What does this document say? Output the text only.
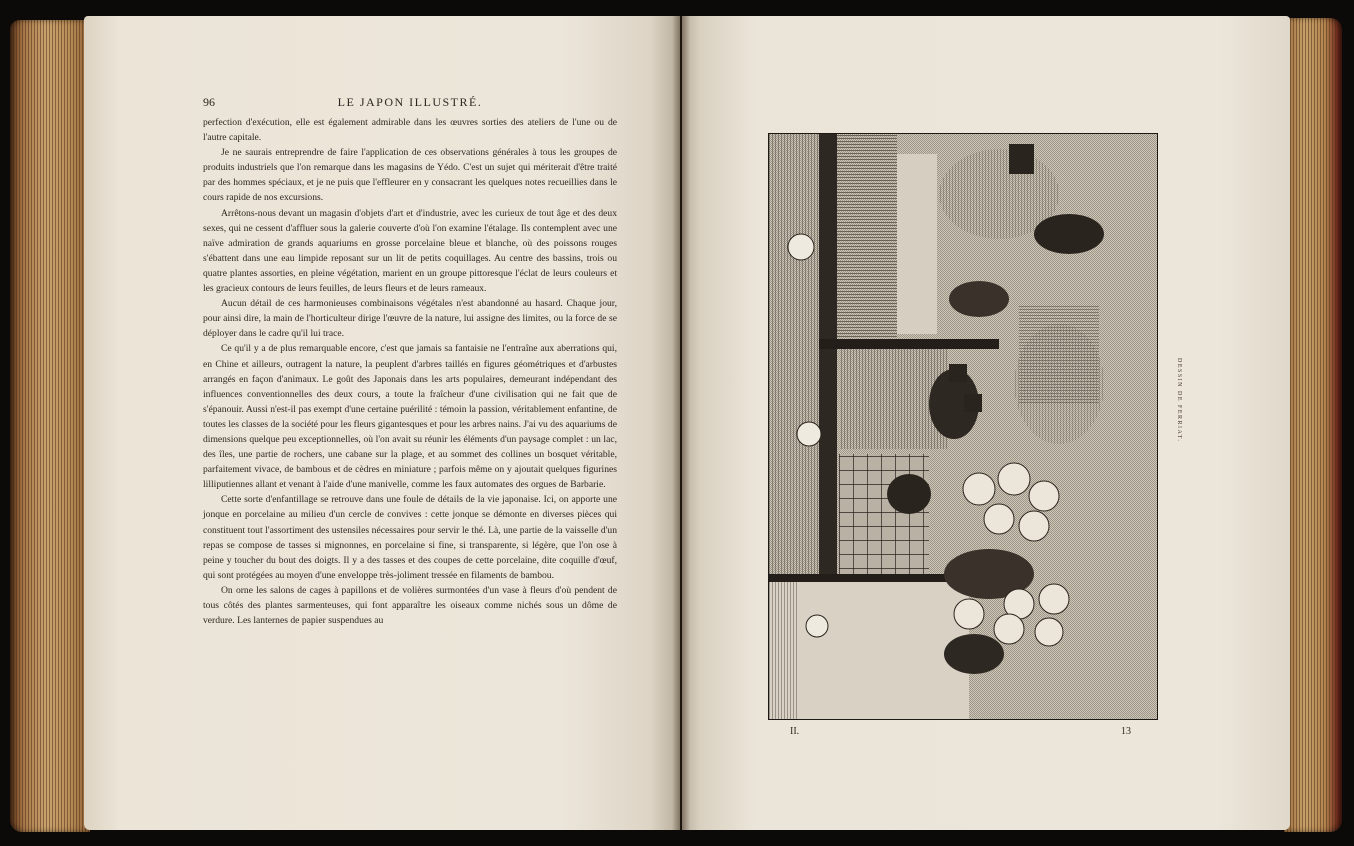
96	LE JAPON ILLUSTRÉ.

perfection d'exécution, elle est également admirable dans les œuvres sorties des ateliers de l'une ou de l'autre capitale.

Je ne saurais entreprendre de faire l'application de ces observations générales à tous les groupes de produits industriels que l'on remarque dans les magasins de Yédo. C'est un sujet qui mériterait d'être traité par des hommes spéciaux, et je ne puis que l'effleurer en y consacrant les quelques notes recueillies dans le cours rapide de nos excursions.

Arrêtons-nous devant un magasin d'objets d'art et d'industrie, avec les curieux de tout âge et des deux sexes, qui ne cessent d'affluer sous la galerie couverte d'où l'on examine l'étalage. Ils contemplent avec une naïve admiration de grands aquariums en grosse porcelaine bleue et blanche, où des poissons rouges s'ébattent dans une eau limpide reposant sur un lit de petits coquillages. Au centre des bassins, trois ou quatre plantes assorties, en pleine végétation, marient en un groupe pittoresque l'éclat de leurs couleurs et les gracieux contours de leurs feuilles, de leurs fleurs et de leurs rameaux.

Aucun détail de ces harmonieuses combinaisons végétales n'est abandonné au hasard. Chaque jour, pour ainsi dire, la main de l'horticulteur dirige l'œuvre de la nature, lui assigne des limites, ou la force de se déployer dans le cadre qu'il lui trace.

Ce qu'il y a de plus remarquable encore, c'est que jamais sa fantaisie ne l'entraîne aux aberrations qui, en Chine et ailleurs, outragent la nature, la peuplent d'arbres taillés en figures géométriques et d'arbustes arrangés en façon d'animaux. Le goût des Japonais dans les arts populaires, demeurant indépendant des influences conventionnelles des deux cours, a toute la fraîcheur d'une civilisation qui ne fait que de s'épanouir. Aussi n'est-il pas exempt d'une certaine puérilité : témoin la passion, véritablement enfantine, de toutes les classes de la société pour les fleurs gigantesques et pour les arbres nains. J'ai vu des aquariums de dimensions quelque peu exceptionnelles, où l'on avait su réunir les éléments d'un paysage complet : un lac, des îles, une partie de rochers, une cabane sur la plage, et au sommet des collines un bosquet véritable, parfaitement vivace, de bambous et de cèdres en miniature ; parfois même on y ajoutait quelques figurines lilliputiennes allant et venant à l'aide d'une manivelle, comme les faux automates des orgues de Barbarie.

Cette sorte d'enfantillage se retrouve dans une foule de détails de la vie japonaise. Ici, on apporte une jonque en porcelaine au milieu d'un cercle de convives : cette jonque se démonte en diverses pièces qui constituent tout l'assortiment des ustensiles nécessaires pour servir le thé. Là, une partie de la vaisselle d'un repas se compose de tasses si mignonnes, en porcelaine si fine, si transparente, si légère, que l'on ose à peine y toucher du bout des doigts. Il y a des tasses et des coupes de cette porcelaine, dite coquille d'œuf, qui sont protégées au moyen d'une enveloppe très-joliment tressée en filaments de bambou.

On orne les salons de cages à papillons et de volières surmontées d'un vase à fleurs d'où pendent de tous côtés des plantes sarmenteuses, qui font apparaître les oiseaux comme nichés sous un dôme de verdure. Les lanternes de papier suspendues au

DESSIN DE FERRIAT.
II.	13
